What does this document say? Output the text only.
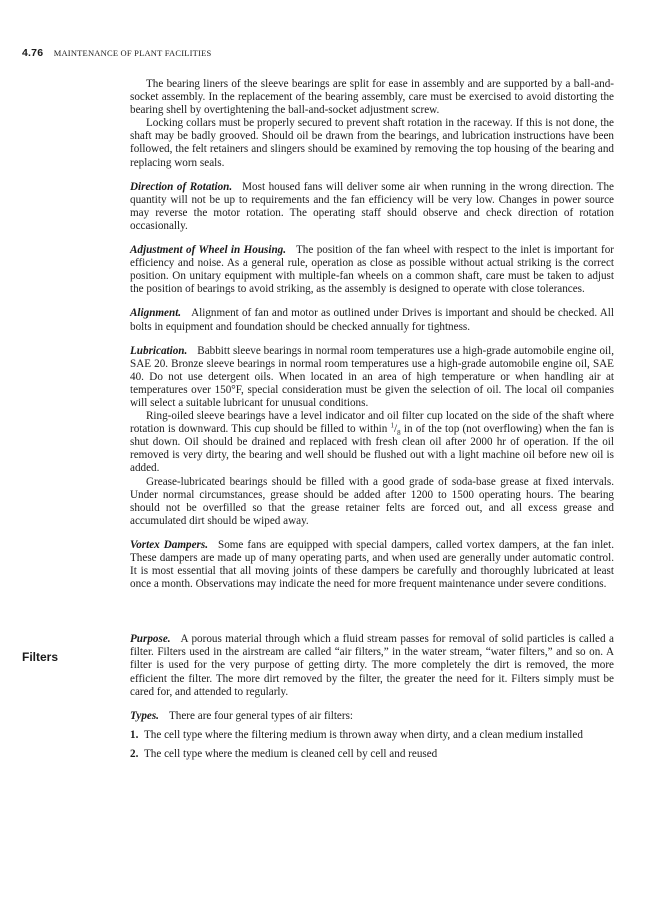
4.76 MAINTENANCE OF PLANT FACILITIES

The bearing liners of the sleeve bearings are split for ease in assembly and are supported by a ball-and-socket assembly. In the replacement of the bearing assembly, care must be exercised to avoid distorting the bearing shell by overtightening the ball-and-socket adjustment screw.

Locking collars must be properly secured to prevent shaft rotation in the raceway. If this is not done, the shaft may be badly grooved. Should oil be drawn from the bearings, and lubrication instructions have been followed, the felt retainers and slingers should be examined by removing the top housing of the bearing and replacing worn seals.

Direction of Rotation. Most housed fans will deliver some air when running in the wrong direction. The quantity will not be up to requirements and the fan efficiency will be very low. Changes in power source may reverse the motor rotation. The operating staff should observe and check direction of rotation occasionally.

Adjustment of Wheel in Housing. The position of the fan wheel with respect to the inlet is important for efficiency and noise. As a general rule, operation as close as possible without actual striking is the correct position. On unitary equipment with multiple-fan wheels on a common shaft, care must be taken to adjust the position of bearings to avoid striking, as the assembly is designed to operate with close tolerances.

Alignment. Alignment of fan and motor as outlined under Drives is important and should be checked. All bolts in equipment and foundation should be checked annually for tightness.

Lubrication. Babbitt sleeve bearings in normal room temperatures use a high-grade automobile engine oil, SAE 20. Bronze sleeve bearings in normal room temperatures use a high-grade automobile engine oil, SAE 40. Do not use detergent oils. When located in an area of high temperature or when handling air at temperatures over 150°F, special consideration must be given the selection of oil. The local oil companies will select a suitable lubricant for unusual conditions.

Ring-oiled sleeve bearings have a level indicator and oil filter cup located on the side of the shaft where rotation is downward. This cup should be filled to within $^1/_8$ in of the top (not overflowing) when the fan is shut down. Oil should be drained and replaced with fresh clean oil after 2000 hr of operation. If the oil removed is very dirty, the bearing and well should be flushed out with a light machine oil before new oil is added.

Grease-lubricated bearings should be filled with a good grade of soda-base grease at fixed intervals. Under normal circumstances, grease should be added after 1200 to 1500 operating hours. The bearing should not be overfilled so that the grease retainer felts are forced out, and all excess grease and accumulated dirt should be wiped away.

Vortex Dampers. Some fans are equipped with special dampers, called vortex dampers, at the fan inlet. These dampers are made up of many operating parts, and when used are generally under automatic control. It is most essential that all moving joints of these dampers be carefully and thoroughly lubricated at least once a month. Observations may indicate the need for more frequent maintenance under severe conditions.

Purpose. A porous material through which a fluid stream passes for removal of solid particles is called a filter. Filters used in the airstream are called “air filters,” in the water stream, “water filters,” and so on. A filter is used for the very purpose of getting dirty. The more completely the dirt is removed, the more efficient the filter. The more dirt removed by the filter, the greater the need for it. Filters simply must be cared for, and attended to regularly.

Types. There are four general types of air filters:

1. The cell type where the filtering medium is thrown away when dirty, and a clean medium installed

2. The cell type where the medium is cleaned cell by cell and reused

Filters
